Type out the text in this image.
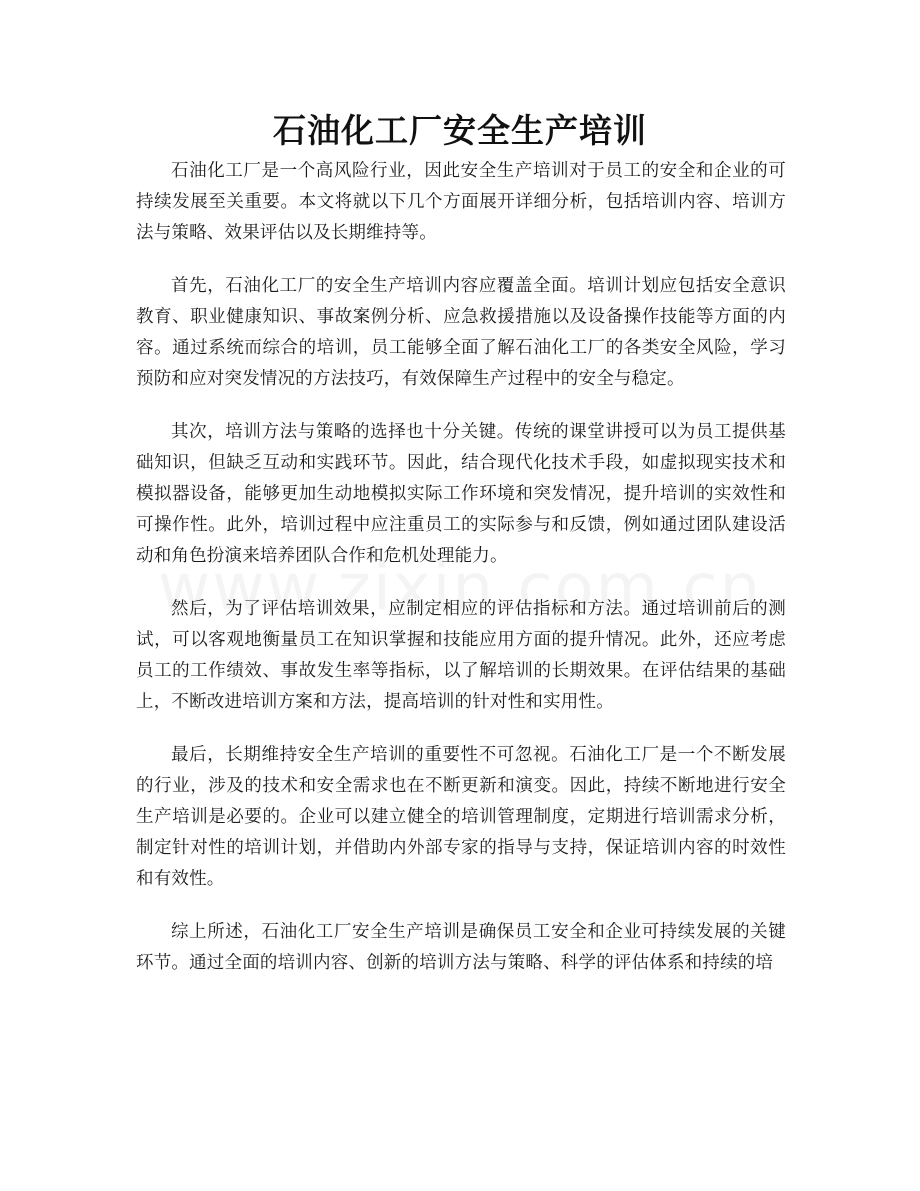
石油化工厂安全生产培训

石油化工厂是一个高风险行业，因此安全生产培训对于员工的安全和企业的可持续发展至关重要。本文将就以下几个方面展开详细分析，包括培训内容、培训方法与策略、效果评估以及长期维持等。

首先，石油化工厂的安全生产培训内容应覆盖全面。培训计划应包括安全意识教育、职业健康知识、事故案例分析、应急救援措施以及设备操作技能等方面的内容。通过系统而综合的培训，员工能够全面了解石油化工厂的各类安全风险，学习预防和应对突发情况的方法技巧，有效保障生产过程中的安全与稳定。

其次，培训方法与策略的选择也十分关键。传统的课堂讲授可以为员工提供基础知识，但缺乏互动和实践环节。因此，结合现代化技术手段，如虚拟现实技术和模拟器设备，能够更加生动地模拟实际工作环境和突发情况，提升培训的实效性和可操作性。此外，培训过程中应注重员工的实际参与和反馈，例如通过团队建设活动和角色扮演来培养团队合作和危机处理能力。

然后，为了评估培训效果，应制定相应的评估指标和方法。通过培训前后的测试，可以客观地衡量员工在知识掌握和技能应用方面的提升情况。此外，还应考虑员工的工作绩效、事故发生率等指标，以了解培训的长期效果。在评估结果的基础上，不断改进培训方案和方法，提高培训的针对性和实用性。

最后，长期维持安全生产培训的重要性不可忽视。石油化工厂是一个不断发展的行业，涉及的技术和安全需求也在不断更新和演变。因此，持续不断地进行安全生产培训是必要的。企业可以建立健全的培训管理制度，定期进行培训需求分析，制定针对性的培训计划，并借助内外部专家的指导与支持，保证培训内容的时效性和有效性。

综上所述，石油化工厂安全生产培训是确保员工安全和企业可持续发展的关键环节。通过全面的培训内容、创新的培训方法与策略、科学的评估体系和持续的培
